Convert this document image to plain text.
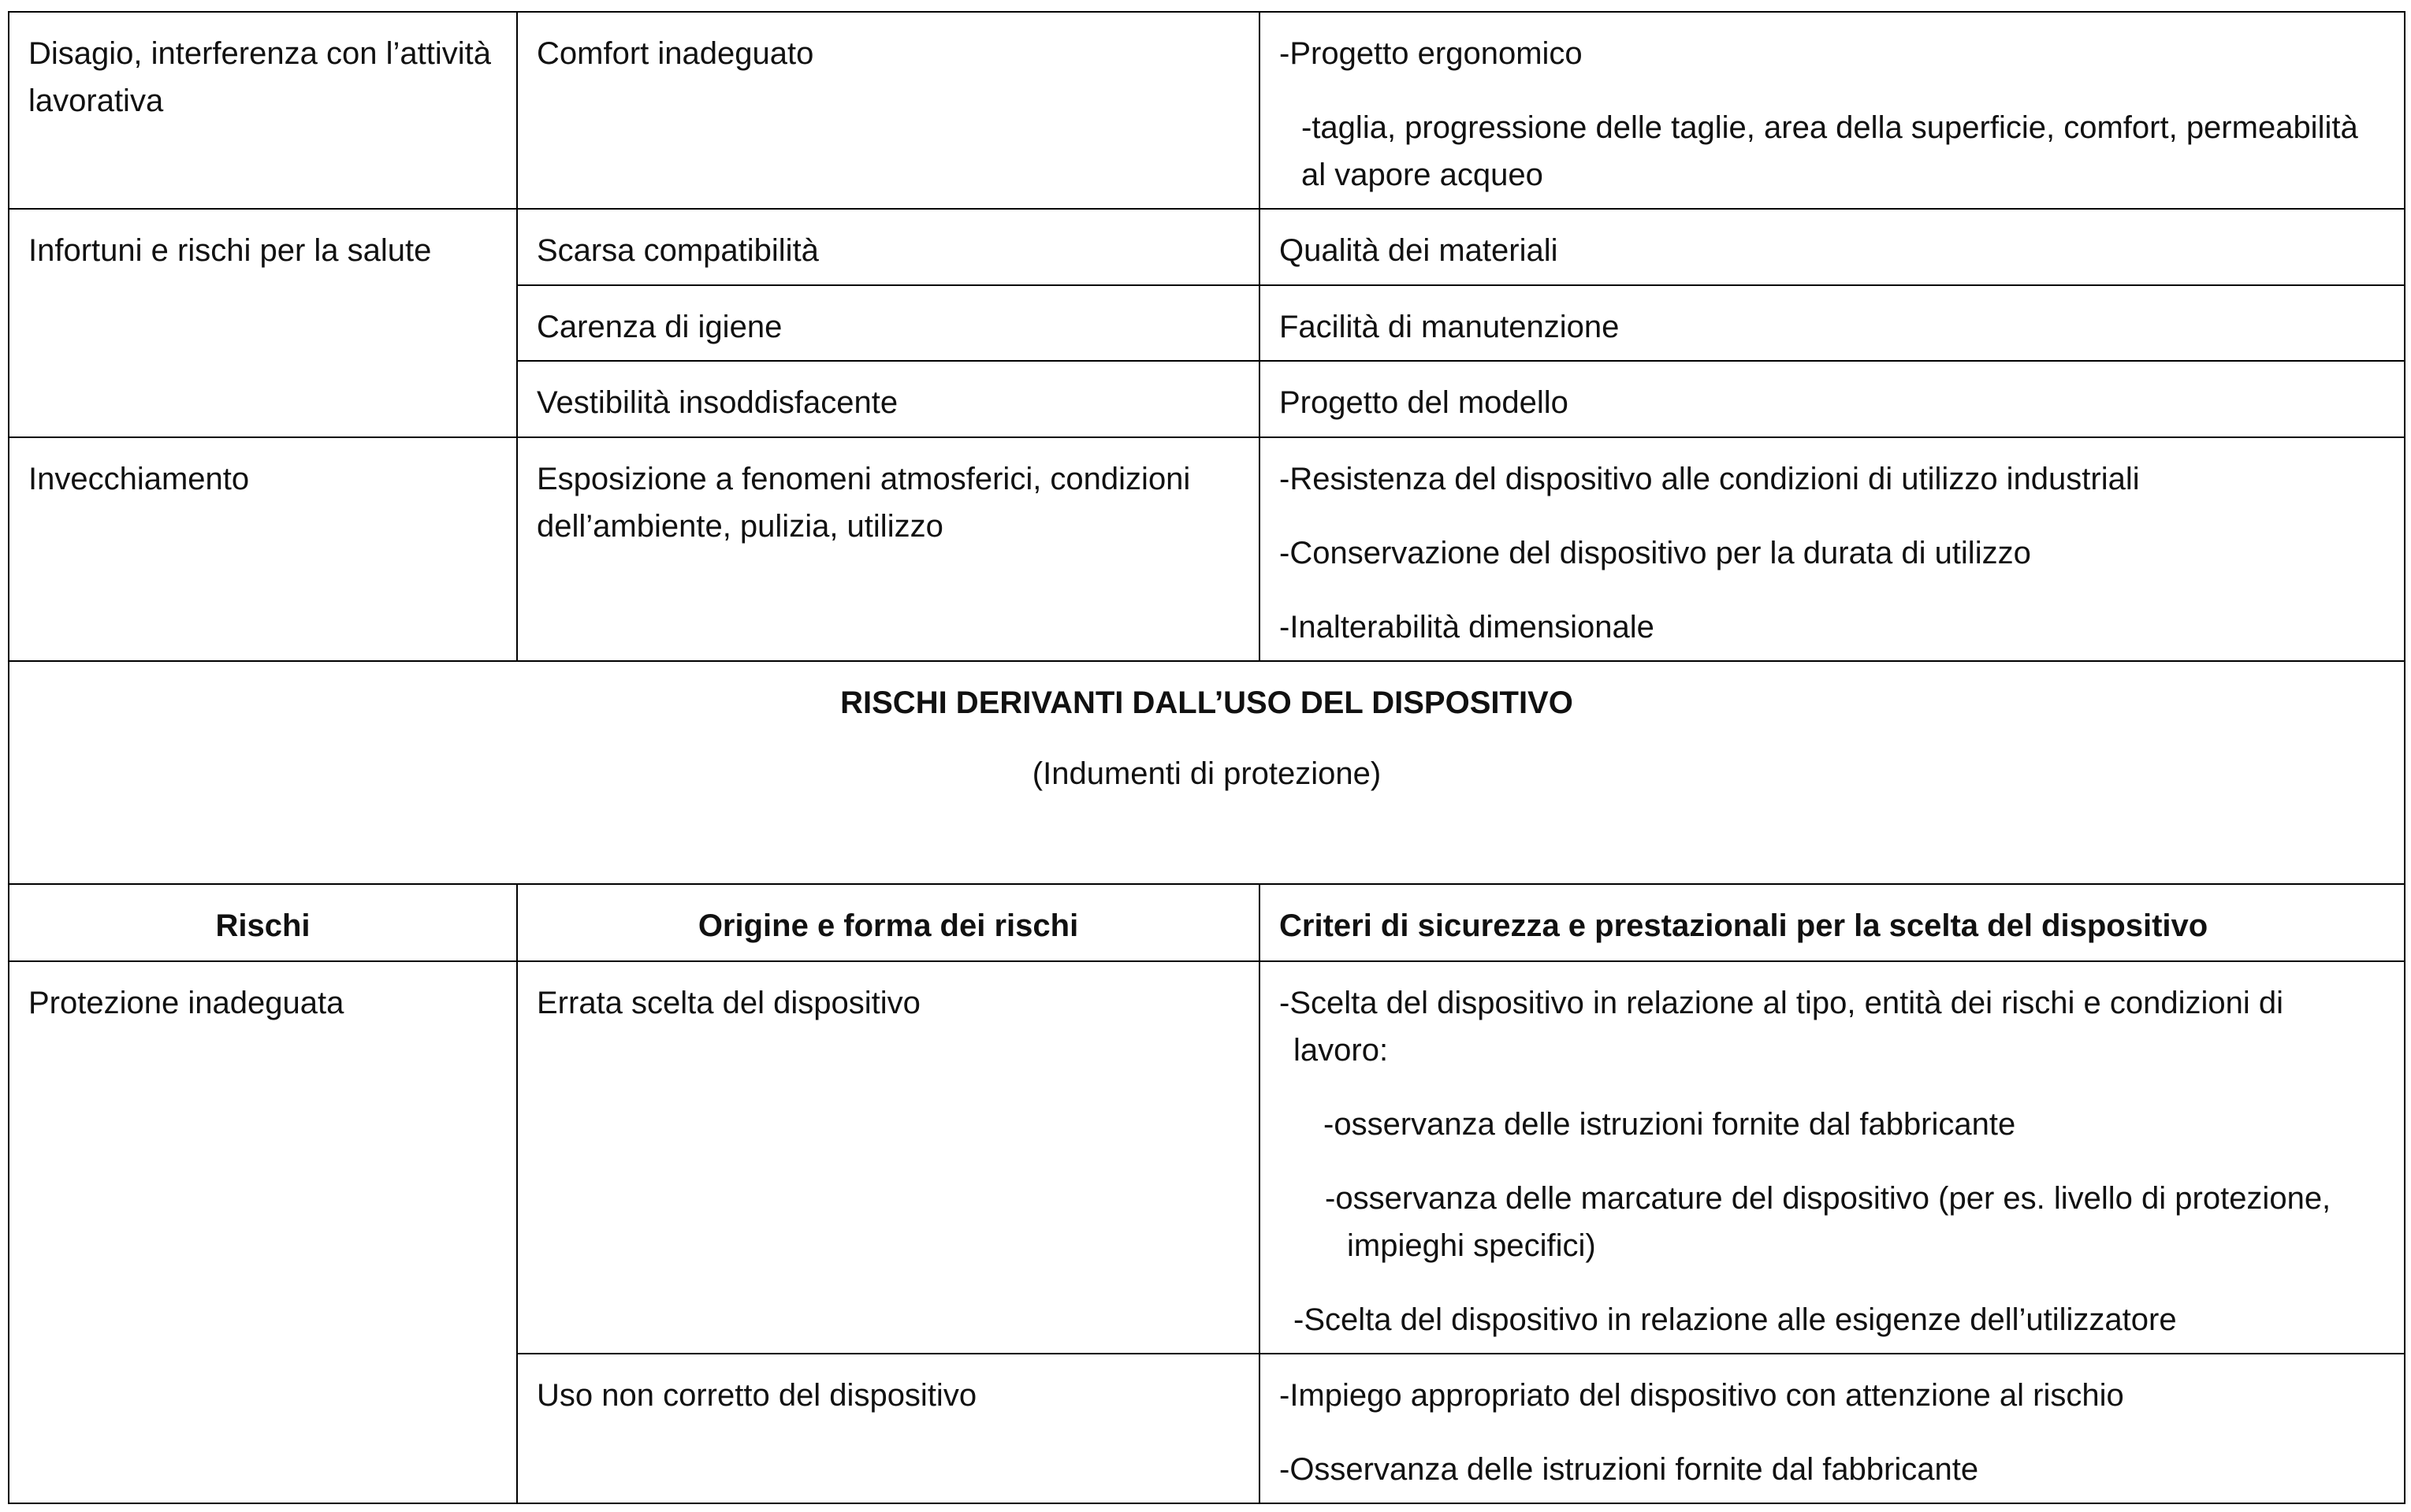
Disagio, interferenza con l’attività lavorativa	Comfort inadeguato	-Progetto ergonomico
-taglia, progressione delle taglie, area della superficie, comfort, permeabilità al vapore acqueo

Infortuni e rischi per la salute	Scarsa compatibilità	Qualità dei materiali

	Carenza di igiene	Facilità di manutenzione

	Vestibilità insoddisfacente	Progetto del modello

Invecchiamento	Esposizione a fenomeni atmosferici, condizioni dell’ambiente, pulizia, utilizzo	-Resistenza del dispositivo alle condizioni di utilizzo industriali
-Conservazione del dispositivo per la durata di utilizzo
-Inalterabilità dimensionale

RISCHI DERIVANTI DALL’USO DEL DISPOSITIVO
(Indumenti di protezione)		

Rischi	Origine e forma dei rischi	Criteri di sicurezza e prestazionali per la scelta del dispositivo

Protezione inadeguata	Errata scelta del dispositivo	-Scelta del dispositivo in relazione al tipo, entità dei rischi e condizioni di lavoro:
-osservanza delle istruzioni fornite dal fabbricante
-osservanza delle marcature del dispositivo (per es. livello di protezione, impieghi specifici)
-Scelta del dispositivo in relazione alle esigenze dell’utilizzatore

	Uso non corretto del dispositivo	-Impiego appropriato del dispositivo con attenzione al rischio
-Osservanza delle istruzioni fornite dal fabbricante
